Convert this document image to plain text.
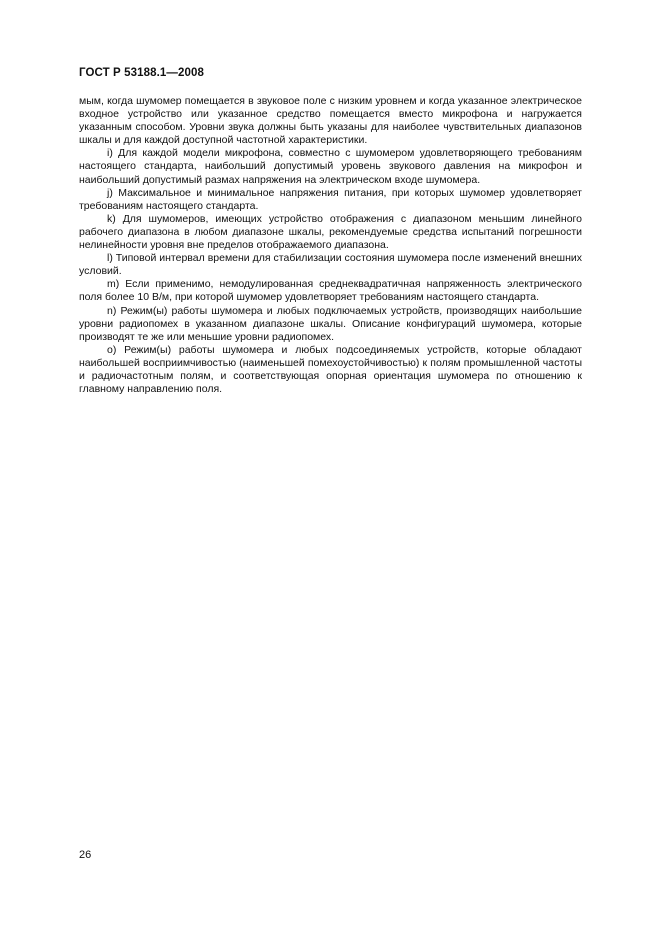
ГОСТ Р 53188.1—2008

мым, когда шумомер помещается в звуковое поле с низким уровнем и когда указанное электрическое входное устройство или указанное средство помещается вместо микрофона и нагружается указанным способом. Уровни звука должны быть указаны для наиболее чувствительных диапазонов шкалы и для каждой доступной частотной характеристики.

i) Для каждой модели микрофона, совместно с шумомером удовлетворяющего требованиям настоящего стандарта, наибольший допустимый уровень звукового давления на микрофон и наибольший допустимый размах напряжения на электрическом входе шумомера.

j) Максимальное и минимальное напряжения питания, при которых шумомер удовлетворяет требованиям настоящего стандарта.

k) Для шумомеров, имеющих устройство отображения с диапазоном меньшим линейного рабочего диапазона в любом диапазоне шкалы, рекомендуемые средства испытаний погрешности нелинейности уровня вне пределов отображаемого диапазона.

l) Типовой интервал времени для стабилизации состояния шумомера после изменений внешних условий.

m) Если применимо, немодулированная среднеквадратичная напряженность электрического поля более 10 В/м, при которой шумомер удовлетворяет требованиям настоящего стандарта.

n) Режим(ы) работы шумомера и любых подключаемых устройств, производящих наибольшие уровни радиопомех в указанном диапазоне шкалы. Описание конфигураций шумомера, которые производят те же или меньшие уровни радиопомех.

o) Режим(ы) работы шумомера и любых подсоединяемых устройств, которые обладают наибольшей восприимчивостью (наименьшей помехоустойчивостью) к полям промышленной частоты и радиочастотным полям, и соответствующая опорная ориентация шумомера по отношению к главному направлению поля.

26
